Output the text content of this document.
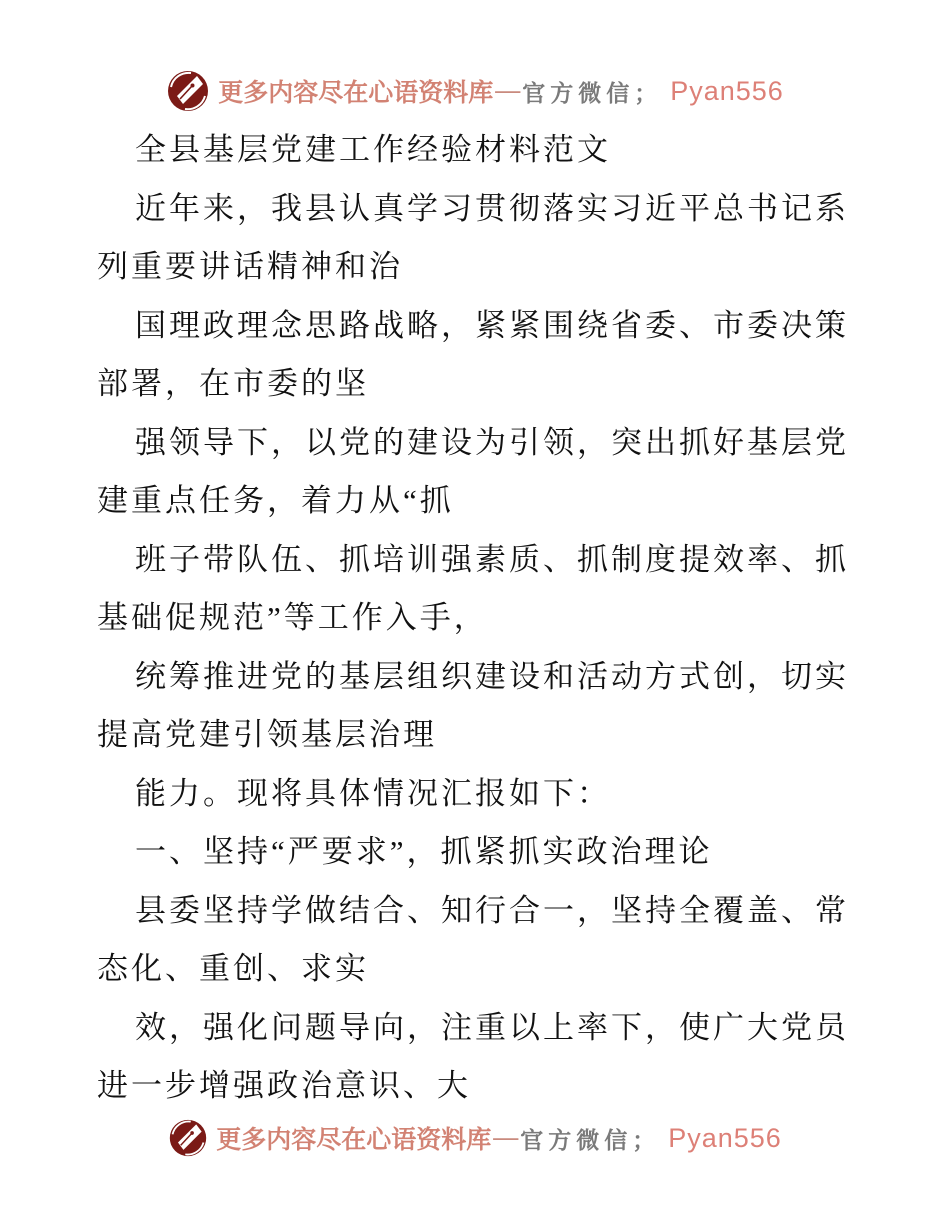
更多内容尽在心语资料库 — 官方微信； Pyan556
全县基层党建工作经验材料范文
近年来，我县认真学习贯彻落实习近平总书记系
列重要讲话精神和治
国理政理念思路战略，紧紧围绕省委、市委决策
部署，在市委的坚
强领导下，以党的建设为引领，突出抓好基层党
建重点任务，着力从“抓
班子带队伍、抓培训强素质、抓制度提效率、抓
基础促规范”等工作入手，
统筹推进党的基层组织建设和活动方式创，切实
提高党建引领基层治理
能力。现将具体情况汇报如下：
一、坚持“严要求”，抓紧抓实政治理论
县委坚持学做结合、知行合一，坚持全覆盖、常
态化、重创、求实
效，强化问题导向，注重以上率下，使广大党员
进一步增强政治意识、大
更多内容尽在心语资料库 — 官方微信； Pyan556
